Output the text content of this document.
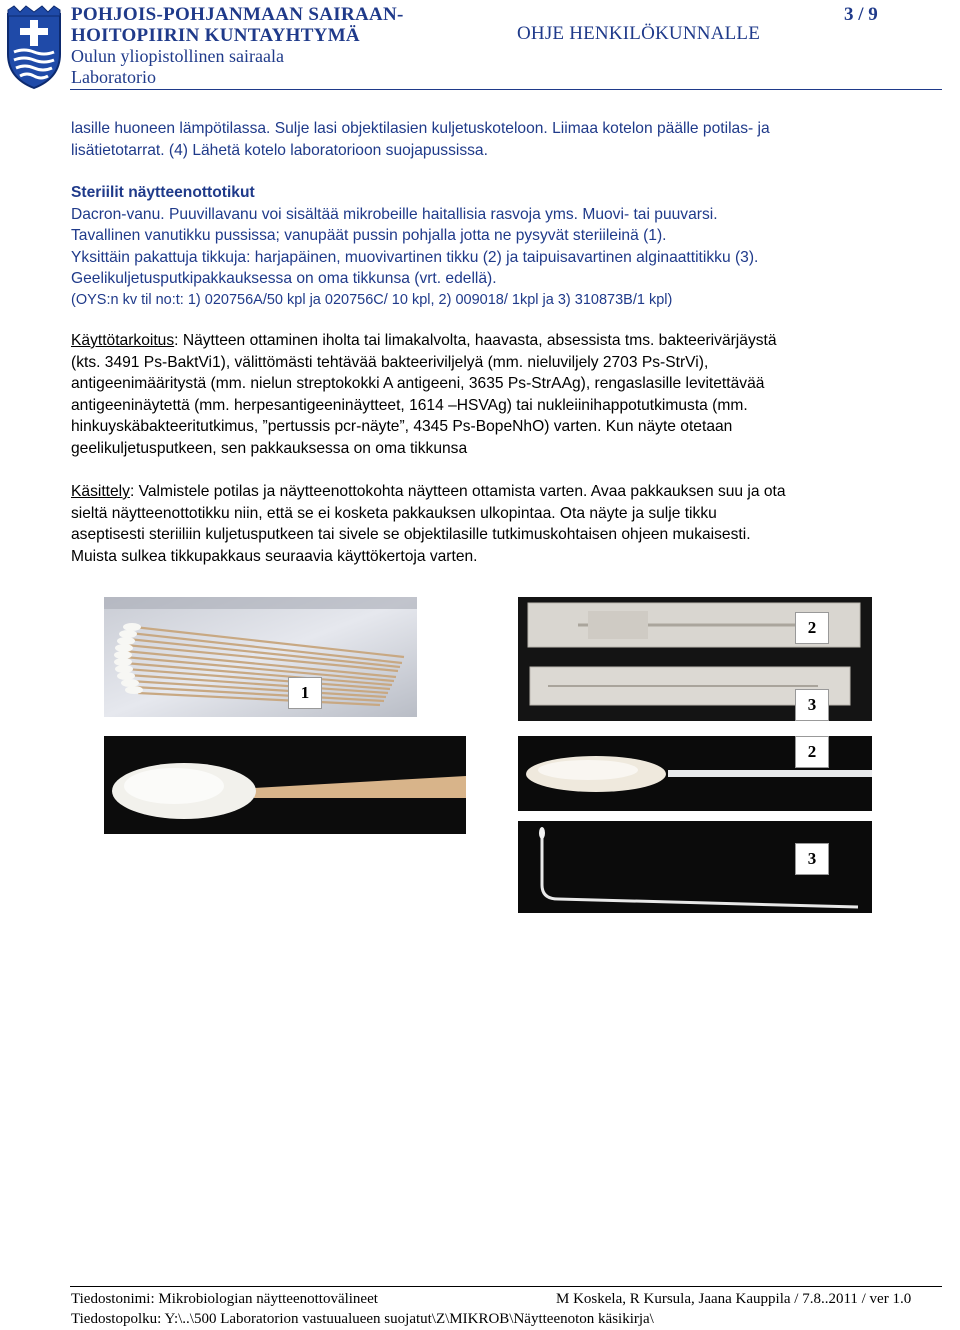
POHJOIS-POHJANMAAN SAIRAAN-
HOITOPIIRIN KUNTAYHTYMÄ
Oulun yliopistollinen sairaala
Laboratorio
OHJE HENKILÖKUNNALLE
3 / 9
lasille huoneen lämpötilassa. Sulje lasi objektilasien kuljetuskoteloon. Liimaa kotelon päälle potilas- ja
lisätietotarrat. (4) Lähetä kotelo laboratorioon suojapussissa.
Steriilit näytteenottotikut
Dacron-vanu. Puuvillavanu voi sisältää mikrobeille haitallisia rasvoja yms. Muovi- tai puuvarsi.
Tavallinen vanutikku pussissa; vanupäät pussin pohjalla jotta ne pysyvät steriileinä (1).
Yksittäin pakattuja tikkuja: harjapäinen, muovivartinen tikku (2) ja taipuisavartinen alginaattitikku (3).
Geelikuljetusputkipakkauksessa on oma tikkunsa (vrt. edellä).
(OYS:n kv til no:t: 1) 020756A/50 kpl ja 020756C/ 10 kpl, 2) 009018/ 1kpl ja 3) 310873B/1 kpl)
Käyttötarkoitus: Näytteen ottaminen iholta tai limakalvolta, haavasta, absessista tms. bakteerivärjäystä
(kts. 3491 Ps-BaktVi1), välittömästi tehtävää bakteeriviljelyä (mm. nieluviljely 2703 Ps-StrVi),
antigeenimääritystä (mm. nielun streptokokki A antigeeni, 3635 Ps-StrAAg), rengaslasille levitettävää
antigeeninäytettä (mm. herpesantigeeninäytteet, 1614 –HSVAg) tai nukleiinihappotutkimusta (mm.
hinkuyskäbakteeritutkimus, ”pertussis pcr-näyte”, 4345 Ps-BopeNhO) varten. Kun näyte otetaan
geelikuljetusputkeen, sen pakkauksessa on oma tikkunsa
Käsittely: Valmistele potilas ja näytteenottokohta näytteen ottamista varten. Avaa pakkauksen suu ja ota
sieltä näytteenottotikku niin, että se ei kosketa pakkauksen ulkopintaa. Ota näyte ja sulje tikku
aseptisesti steriiliin kuljetusputkeen tai sivele se objektilasille tutkimuskohtaisen ohjeen mukaisesti.
Muista sulkea tikkupakkaus seuraavia käyttökertoja varten.
1
2
3
2
3
Tiedostonimi: Mikrobiologian näytteenottovälineet	M Koskela, R Kursula, Jaana Kauppila / 7.8..2011 / ver 1.0
Tiedostopolku: Y:\..\500 Laboratorion vastuualueen suojatut\Z\MIKROB\Näytteenoton käsikirja\
